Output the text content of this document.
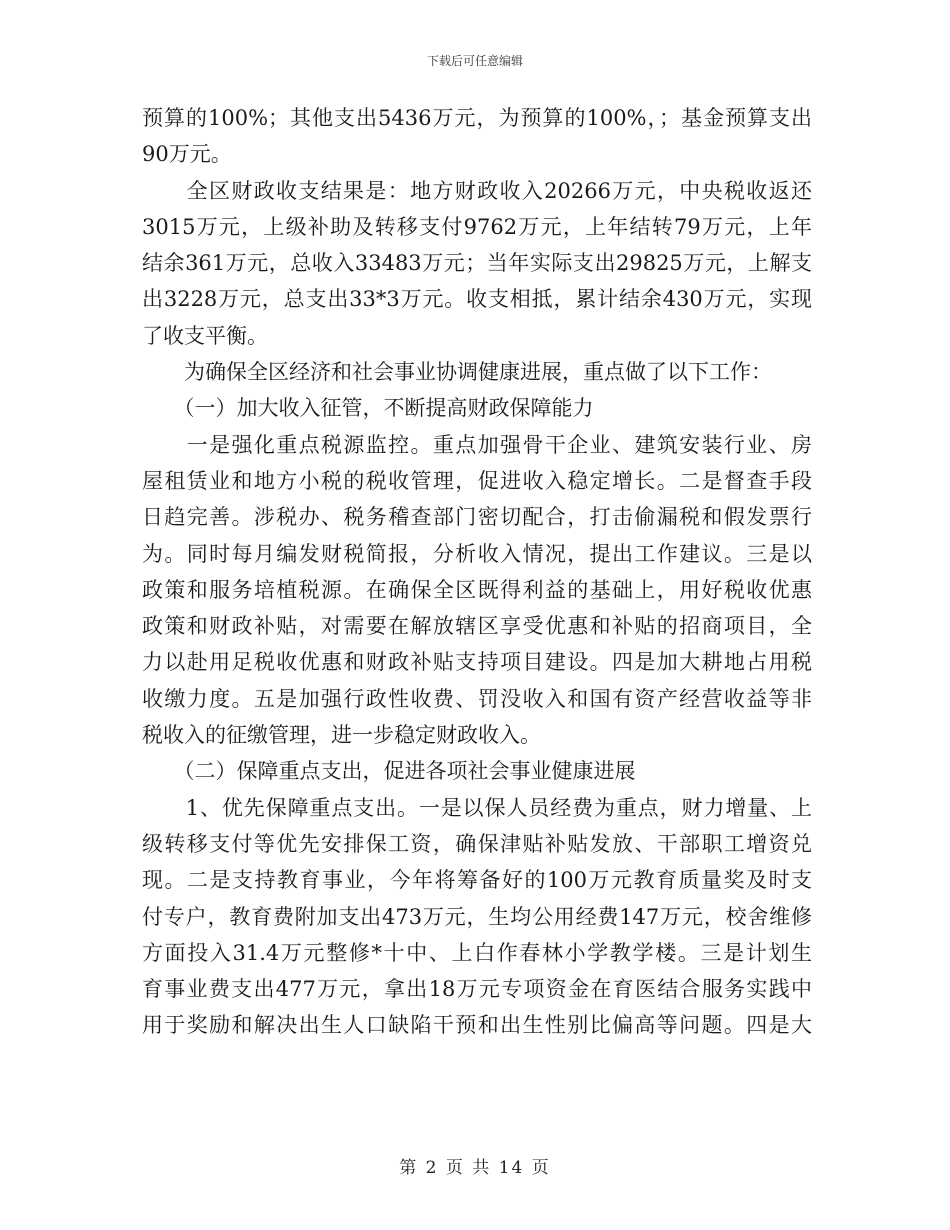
下载后可任意编辑
预算的100%；其他支出5436万元，为预算的100%，；基金预算支出
90万元。
　　全区财政收支结果是：地方财政收入20266万元，中央税收返还
3015万元，上级补助及转移支付9762万元，上年结转79万元，上年
结余361万元，总收入33483万元；当年实际支出29825万元，上解支
出3228万元，总支出33*3万元。收支相抵，累计结余430万元，实现
了收支平衡。
　　为确保全区经济和社会事业协调健康进展，重点做了以下工作：
　　（一）加大收入征管，不断提高财政保障能力
　　一是强化重点税源监控。重点加强骨干企业、建筑安装行业、房
屋租赁业和地方小税的税收管理，促进收入稳定增长。二是督查手段
日趋完善。涉税办、税务稽查部门密切配合，打击偷漏税和假发票行
为。同时每月编发财税简报，分析收入情况，提出工作建议。三是以
政策和服务培植税源。在确保全区既得利益的基础上，用好税收优惠
政策和财政补贴，对需要在解放辖区享受优惠和补贴的招商项目，全
力以赴用足税收优惠和财政补贴支持项目建设。四是加大耕地占用税
收缴力度。五是加强行政性收费、罚没收入和国有资产经营收益等非
税收入的征缴管理，进一步稳定财政收入。
　　（二）保障重点支出，促进各项社会事业健康进展
　　1、优先保障重点支出。一是以保人员经费为重点，财力增量、上
级转移支付等优先安排保工资，确保津贴补贴发放、干部职工增资兑
现。二是支持教育事业，今年将筹备好的100万元教育质量奖及时支
付专户，教育费附加支出473万元，生均公用经费147万元，校舍维修
方面投入31.4万元整修*十中、上白作春林小学教学楼。三是计划生
育事业费支出477万元，拿出18万元专项资金在育医结合服务实践中
用于奖励和解决出生人口缺陷干预和出生性别比偏高等问题。四是大
第 2 页 共 14 页
